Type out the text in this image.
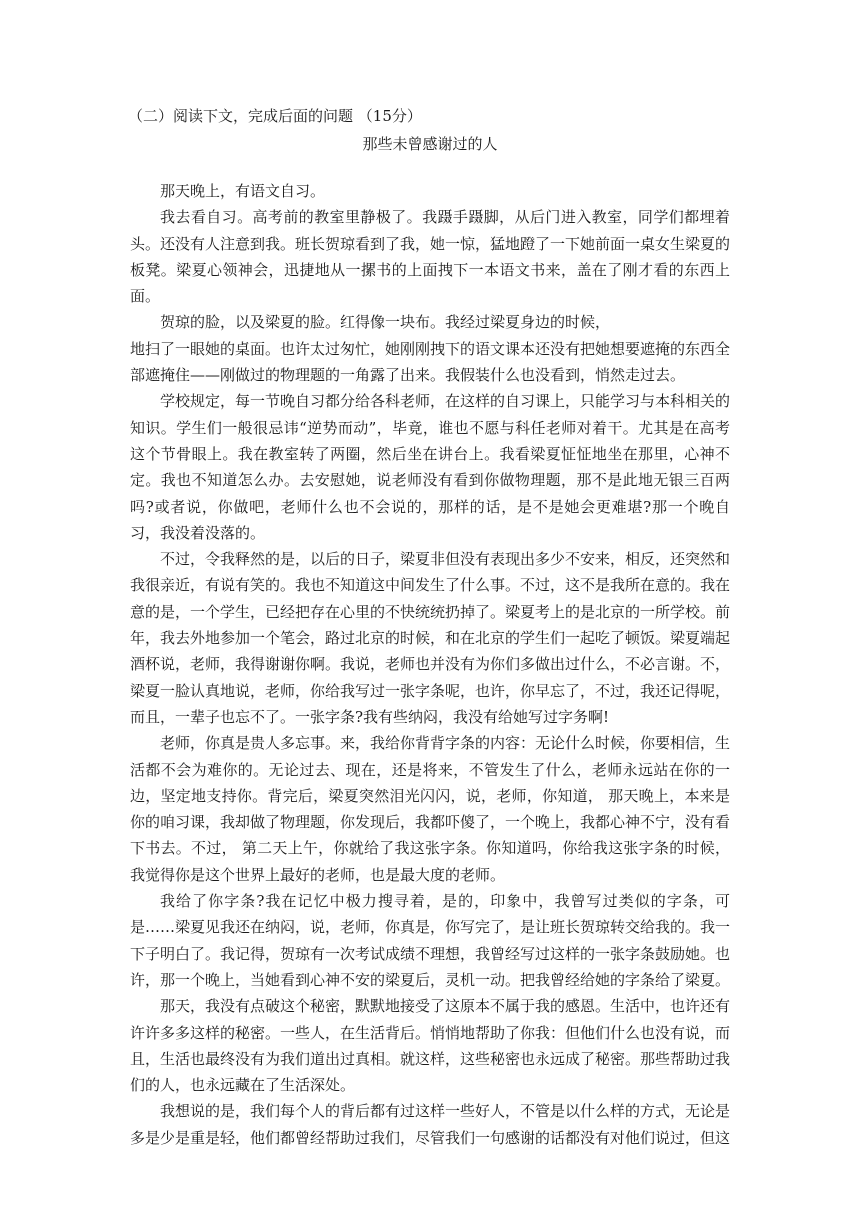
（二）阅读下文，完成后面的问题 （15分）
那些未曾感谢过的人

那天晚上，有语文自习。

我去看自习。高考前的教室里静极了。我蹑手蹑脚，从后门进入教室，同学们都埋着头。还没有人注意到我。班长贺琼看到了我，她一惊，猛地蹬了一下她前面一桌女生梁夏的板凳。梁夏心领神会，迅捷地从一摞书的上面拽下一本语文书来，盖在了刚才看的东西上面。

贺琼的脸，以及梁夏的脸。红得像一块布。我经过梁夏身边的时候，

地扫了一眼她的桌面。也许太过匆忙，她刚刚拽下的语文课本还没有把她想要遮掩的东西全部遮掩住——刚做过的物理题的一角露了出来。我假装什么也没看到，悄然走过去。

学校规定，每一节晚自习都分给各科老师，在这样的自习课上，只能学习与本科相关的知识。学生们一般很忌讳“逆势而动”，毕竟，谁也不愿与科任老师对着干。尤其是在高考这个节骨眼上。我在教室转了两圈，然后坐在讲台上。我看梁夏怔怔地坐在那里，心神不定。我也不知道怎么办。去安慰她，说老师没有看到你做物理题，那不是此地无银三百两吗?或者说，你做吧，老师什么也不会说的，那样的话，是不是她会更难堪?那一个晚自习，我没着没落的。

不过，令我释然的是，以后的日子，梁夏非但没有表现出多少不安来，相反，还突然和我很亲近，有说有笑的。我也不知道这中间发生了什么事。不过，这不是我所在意的。我在意的是，一个学生，已经把存在心里的不快统统扔掉了。梁夏考上的是北京的一所学校。前年，我去外地参加一个笔会，路过北京的时候，和在北京的学生们一起吃了顿饭。梁夏端起酒杯说，老师，我得谢谢你啊。我说，老师也并没有为你们多做出过什么，不必言谢。不，梁夏一脸认真地说，老师，你给我写过一张字条呢，也许，你早忘了，不过，我还记得呢，而且，一辈子也忘不了。一张字条?我有些纳闷，我没有给她写过字务啊!

老师，你真是贵人多忘事。来，我给你背背字条的内容：无论什么时候，你要相信，生活都不会为难你的。无论过去、现在，还是将来，不管发生了什么，老师永远站在你的一边，坚定地支持你。背完后，梁夏突然泪光闪闪，说，老师，你知道， 那天晚上，本来是你的咱习课，我却做了物理题，你发现后，我都吓傻了，一个晚上，我都心神不宁，没有看下书去。不过， 第二天上午，你就给了我这张字条。你知道吗，你给我这张字条的时候，我觉得你是这个世界上最好的老师，也是最大度的老师。

我给了你字条?我在记忆中极力搜寻着，是的，印象中，我曾写过类似的字条，可是……梁夏见我还在纳闷，说，老师，你真是，你写完了，是让班长贺琼转交给我的。我一下子明白了。我记得，贺琼有一次考试成绩不理想，我曾经写过这样的一张字条鼓励她。也许，那一个晚上，当她看到心神不安的梁夏后，灵机一动。把我曾经给她的字条给了梁夏。

那天，我没有点破这个秘密，默默地接受了这原本不属于我的感恩。生活中，也许还有许许多多这样的秘密。一些人，在生活背后。悄悄地帮助了你我：但他们什么也没有说，而且，生活也最终没有为我们道出过真相。就这样，这些秘密也永远成了秘密。那些帮助过我们的人，也永远藏在了生活深处。

我想说的是，我们每个人的背后都有过这样一些好人，不管是以什么样的方式，无论是多是少是重是轻，他们都曾经帮助过我们，尽管我们一句感谢的话都没有对他们说过，但这
